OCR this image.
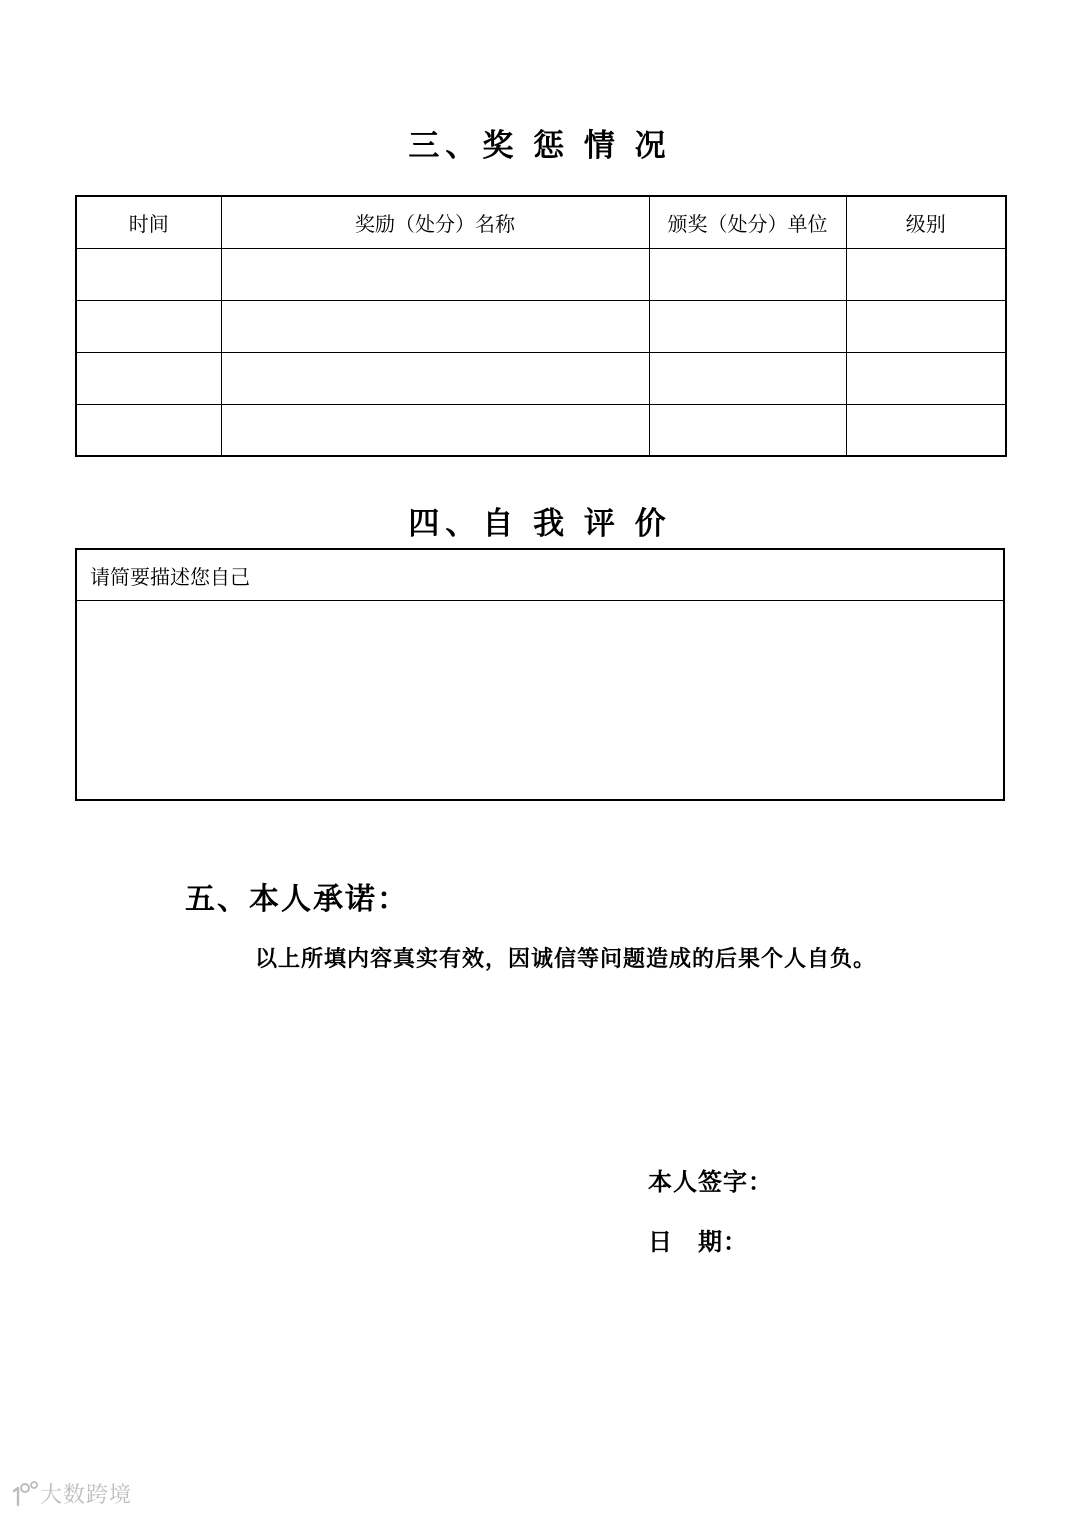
三、奖 惩 情 况
时间	奖励（处分）名称	颁奖（处分）单位	级别

四、自 我 评 价
请简要描述您自己
五、本人承诺：
以上所填内容真实有效，因诚信等问题造成的后果个人自负。
本人签字：
日　期：
大数跨境
